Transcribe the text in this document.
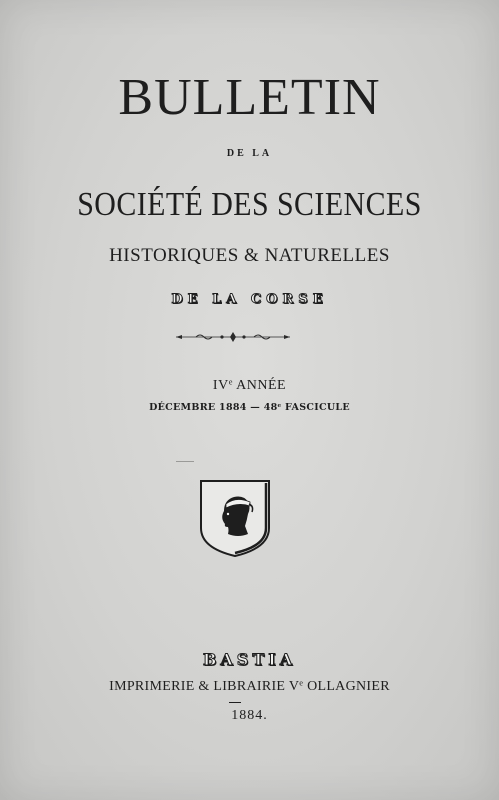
BULLETIN
DE LA
SOCIÉTÉ DES SCIENCES
HISTORIQUES & NATURELLES
DE LA CORSE
IVe ANNÉE
DÉCEMBRE 1884 — 48e FASCICULE
BASTIA
IMPRIMERIE & LIBRAIRIE Ve OLLAGNIER
1884.
